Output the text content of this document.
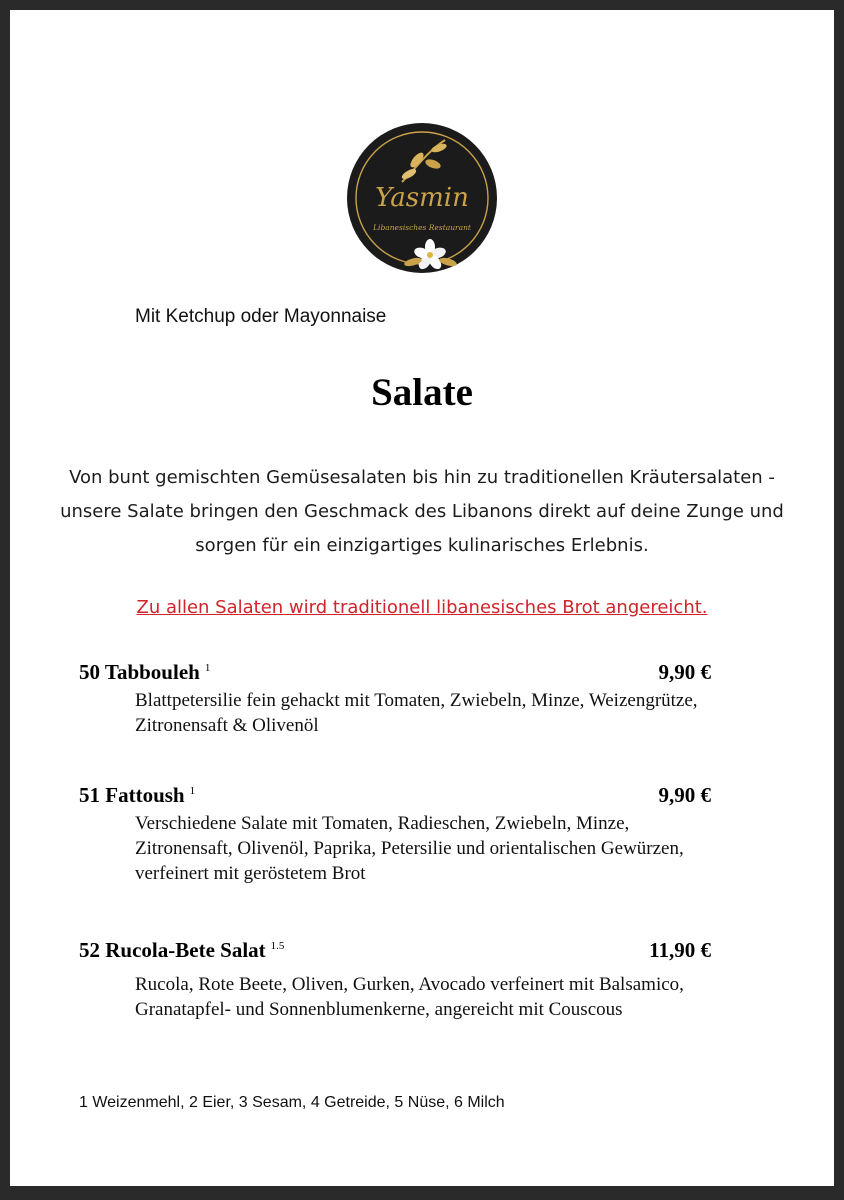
Yasmin
Libanesisches Restaurant
Mit Ketchup oder Mayonnaise
Salate
Von bunt gemischten Gemüsesalaten bis hin zu traditionellen Kräutersalaten - unsere Salate bringen den Geschmack des Libanons direkt auf deine Zunge und sorgen für ein einzigartiges kulinarisches Erlebnis.
Zu allen Salaten wird traditionell libanesisches Brot angereicht.
50 Tabbouleh $^1$	9,90 €
Blattpetersilie fein gehackt mit Tomaten, Zwiebeln, Minze, Weizengrütze, Zitronensaft & Olivenöl
51 Fattoush $^1$	9,90 €
Verschiedene Salate mit Tomaten, Radieschen, Zwiebeln, Minze, Zitronensaft, Olivenöl, Paprika, Petersilie und orientalischen Gewürzen, verfeinert mit geröstetem Brot
52 Rucola-Bete Salat $^{1.5}$	11,90 €
Rucola, Rote Beete, Oliven, Gurken, Avocado verfeinert mit Balsamico, Granatapfel- und Sonnenblumenkerne, angereicht mit Couscous
1 Weizenmehl, 2 Eier, 3 Sesam, 4 Getreide, 5 Nüse, 6 Milch
